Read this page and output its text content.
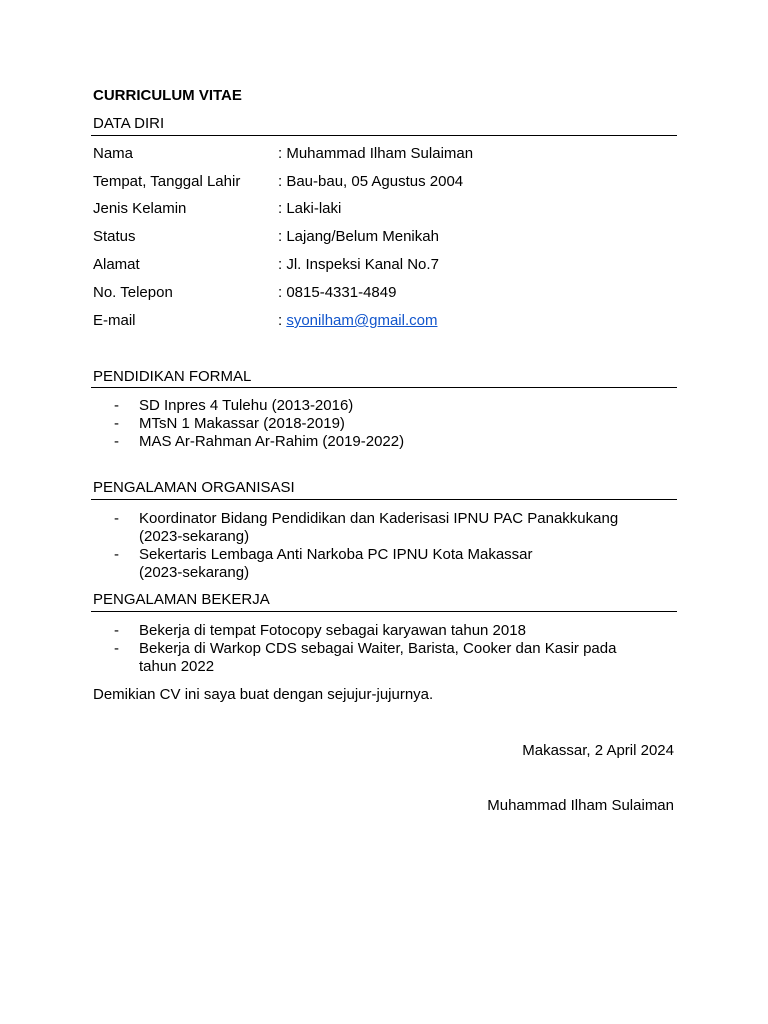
CURRICULUM VITAE
DATA DIRI
Nama	: Muhammad Ilham Sulaiman
Tempat, Tanggal Lahir	: Bau-bau, 05 Agustus 2004
Jenis Kelamin	: Laki-laki
Status	: Lajang/Belum Menikah
Alamat	: Jl. Inspeksi Kanal No.7
No. Telepon	: 0815-4331-4849
E-mail	: syonilham@gmail.com
PENDIDIKAN FORMAL
- SD Inpres 4 Tulehu (2013-2016)
- MTsN 1 Makassar (2018-2019)
- MAS Ar-Rahman Ar-Rahim (2019-2022)
PENGALAMAN ORGANISASI
- Koordinator Bidang Pendidikan dan Kaderisasi IPNU PAC Panakkukang
(2023-sekarang)
- Sekertaris Lembaga Anti Narkoba PC IPNU Kota Makassar
(2023-sekarang)
PENGALAMAN BEKERJA
- Bekerja di tempat Fotocopy sebagai karyawan tahun 2018
- Bekerja di Warkop CDS sebagai Waiter, Barista, Cooker dan Kasir pada
tahun 2022
Demikian CV ini saya buat dengan sejujur-jujurnya.
Makassar, 2 April 2024
Muhammad Ilham Sulaiman
